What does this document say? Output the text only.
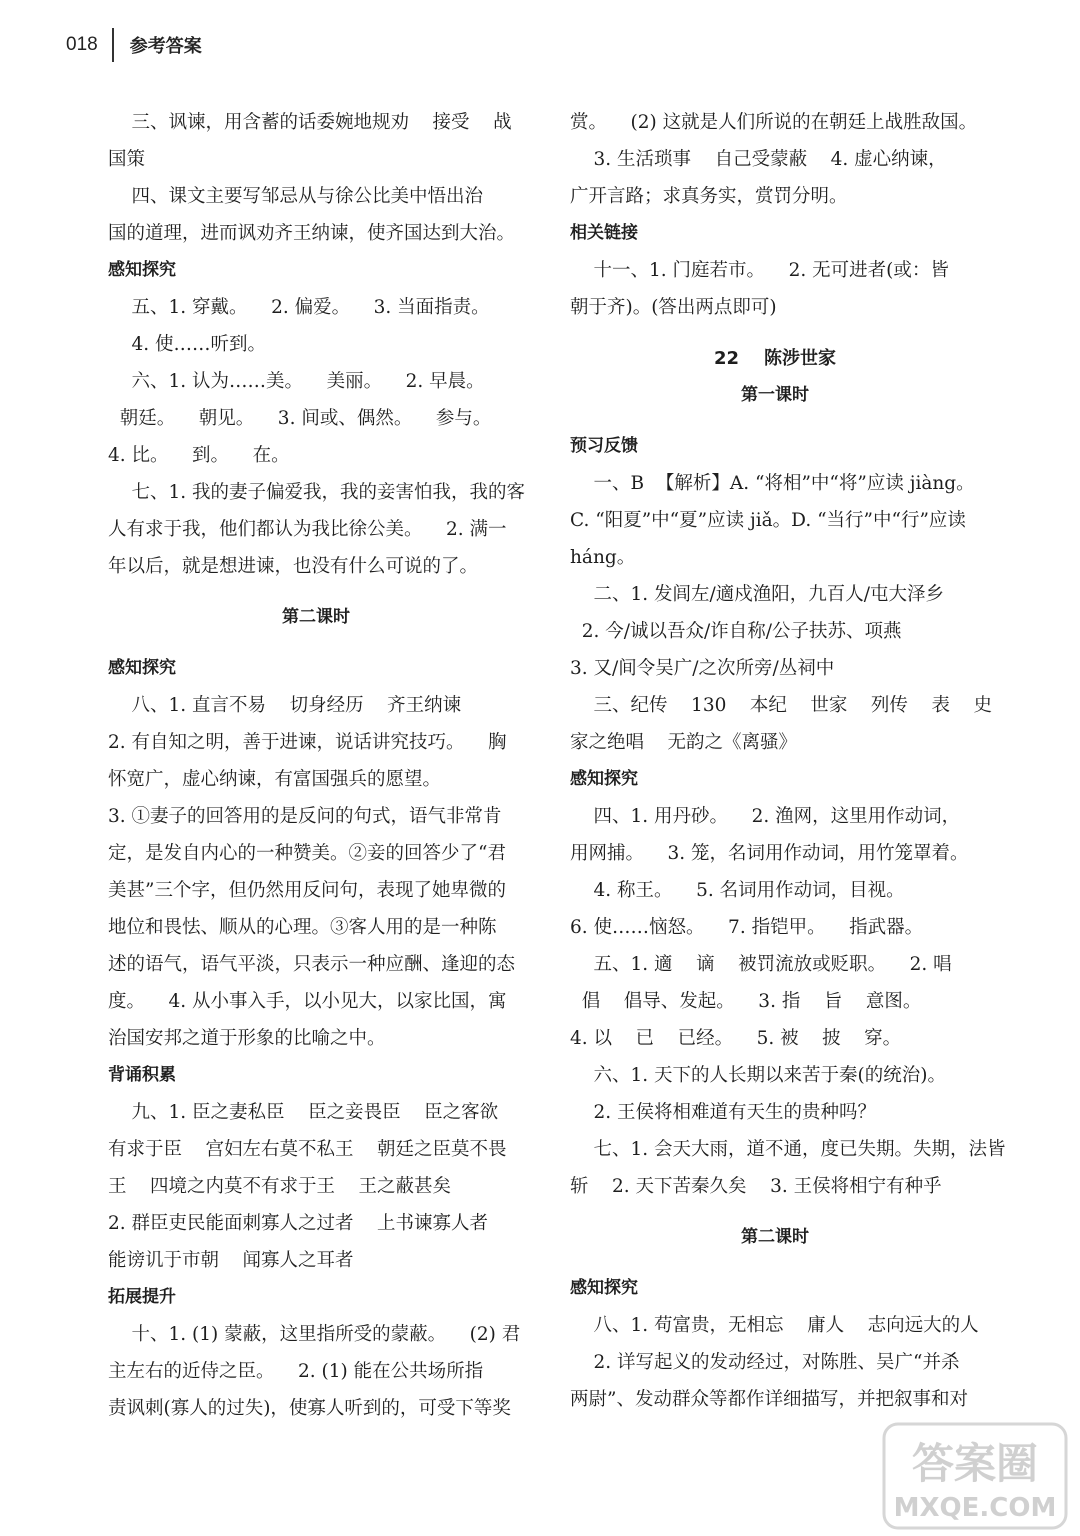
018 参考答案

三、讽谏，用含蓄的话委婉地规劝    接受    战

国策

四、课文主要写邹忌从与徐公比美中悟出治

国的道理，进而讽劝齐王纳谏，使齐国达到大治。

感知探究

五、1. 穿戴。    2. 偏爱。    3. 当面指责。

4. 使……听到。

六、1. 认为……美。    美丽。    2. 早晨。

朝廷。    朝见。    3. 间或、偶然。    参与。

4. 比。    到。    在。

七、1. 我的妻子偏爱我，我的妾害怕我，我的客

人有求于我，他们都认为我比徐公美。    2. 满一

年以后，就是想进谏，也没有什么可说的了。

第二课时

感知探究

八、1. 直言不易    切身经历    齐王纳谏

2. 有自知之明，善于进谏，说话讲究技巧。    胸

怀宽广，虚心纳谏，有富国强兵的愿望。

3. ①妻子的回答用的是反问的句式，语气非常肯

定，是发自内心的一种赞美。②妾的回答少了“君

美甚”三个字，但仍然用反问句，表现了她卑微的

地位和畏怯、顺从的心理。③客人用的是一种陈

述的语气，语气平淡，只表示一种应酬、逢迎的态

度。    4. 从小事入手，以小见大，以家比国，寓

治国安邦之道于形象的比喻之中。

背诵积累

九、1. 臣之妻私臣    臣之妾畏臣    臣之客欲

有求于臣    宫妇左右莫不私王    朝廷之臣莫不畏

王    四境之内莫不有求于王    王之蔽甚矣

2. 群臣吏民能面刺寡人之过者    上书谏寡人者

能谤讥于市朝    闻寡人之耳者

拓展提升

十、1. (1) 蒙蔽，这里指所受的蒙蔽。    (2) 君

主左右的近侍之臣。    2. (1) 能在公共场所指

责讽刺(寡人的过失)，使寡人听到的，可受下等奖

赏。    (2) 这就是人们所说的在朝廷上战胜敌国。

3. 生活琐事    自己受蒙蔽    4. 虚心纳谏，

广开言路；求真务实，赏罚分明。

相关链接

十一、1. 门庭若市。    2. 无可进者(或：皆

朝于齐)。(答出两点即可)

22    陈涉世家

第一课时

预习反馈

一、B  【解析】A. “将相”中“将”应读 jiàng。

C. “阳夏”中“夏”应读 jiǎ。D. “当行”中“行”应读

háng。

二、1. 发闾左/適戍渔阳，九百人/屯大泽乡

2. 今/诚以吾众/诈自称/公子扶苏、项燕

3. 又/间令吴广/之次所旁/丛祠中

三、纪传    130    本纪    世家    列传    表    史

家之绝唱    无韵之《离骚》

感知探究

四、1. 用丹砂。    2. 渔网，这里用作动词，

用网捕。    3. 笼，名词用作动词，用竹笼罩着。

4. 称王。    5. 名词用作动词，目视。

6. 使……恼怒。    7. 指铠甲。    指武器。

五、1. 適    谪    被罚流放或贬职。    2. 唱

倡    倡导、发起。    3. 指    旨    意图。

4. 以    已    已经。    5. 被    披    穿。

六、1. 天下的人长期以来苦于秦(的统治)。

2. 王侯将相难道有天生的贵种吗？

七、1. 会天大雨，道不通，度已失期。失期，法皆

斩    2. 天下苦秦久矣    3. 王侯将相宁有种乎

第二课时

感知探究

八、1. 苟富贵，无相忘    庸人    志向远大的人

2. 详写起义的发动经过，对陈胜、吴广“并杀

两尉”、发动群众等都作详细描写，并把叙事和对

答案圈
MXQE.COM
